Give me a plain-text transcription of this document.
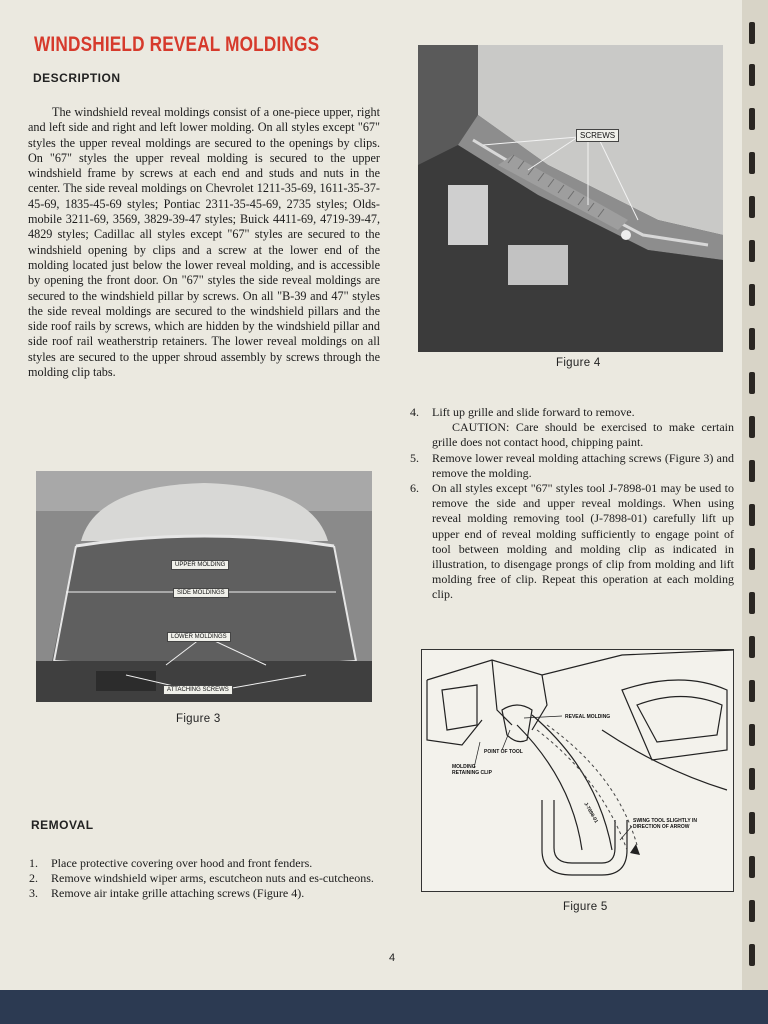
WINDSHIELD REVEAL MOLDINGS
DESCRIPTION
The windshield reveal moldings consist of a one-piece upper, right and left side and right and left lower molding. On all styles except "67" styles the upper reveal moldings are secured to the openings by clips. On "67" styles the upper reveal molding is secured to the upper windshield frame by screws at each end and studs and nuts in the center. The side reveal moldings on Chevrolet 1211-35-69, 1611-35-37-45-69, 1835-45-69 styles; Pontiac 2311-35-45-69, 2735 styles; Olds-mobile 3211-69, 3569, 3829-39-47 styles; Buick 4411-69, 4719-39-47, 4829 styles; Cadillac all styles except "67" styles are secured to the windshield opening by clips and a screw at the lower end of the molding located just below the lower reveal molding, and is accessible by opening the front door. On "67" styles the side reveal moldings are secured to the windshield pillar by screws. On all "B-39 and 47" styles the side reveal moldings are secured to the windshield pillars and the side roof rails by screws, which are hidden by the windshield pillar and side roof rail weatherstrip retainers. The lower reveal moldings on all styles are secured to the upper shroud assembly by screws through the molding clip tabs.
SCREWS
Figure 4
4. Lift up grille and slide forward to remove.
CAUTION: Care should be exercised to make certain grille does not contact hood, chipping paint.
5. Remove lower reveal molding attaching screws (Figure 3) and remove the molding.
6. On all styles except "67" styles tool J-7898-01 may be used to remove the side and upper reveal moldings. When using reveal molding removing tool (J-7898-01) carefully lift up upper end of reveal molding sufficiently to engage point of tool between molding and molding clip as indicated in illustration, to disengage prongs of clip from molding and lift molding free of clip. Repeat this operation at each molding clip.
UPPER MOLDING
SIDE MOLDINGS
LOWER MOLDINGS
ATTACHING SCREWS
Figure 3
REMOVAL
1. Place protective covering over hood and front fenders.
2. Remove windshield wiper arms, escutcheon nuts and es-cutcheons.
3. Remove air intake grille attaching screws (Figure 4).
REVEAL MOLDING
POINT OF TOOL
MOLDING RETAINING CLIP
SWING TOOL SLIGHTLY IN DIRECTION OF ARROW
J-7898-01
Figure 5
4
